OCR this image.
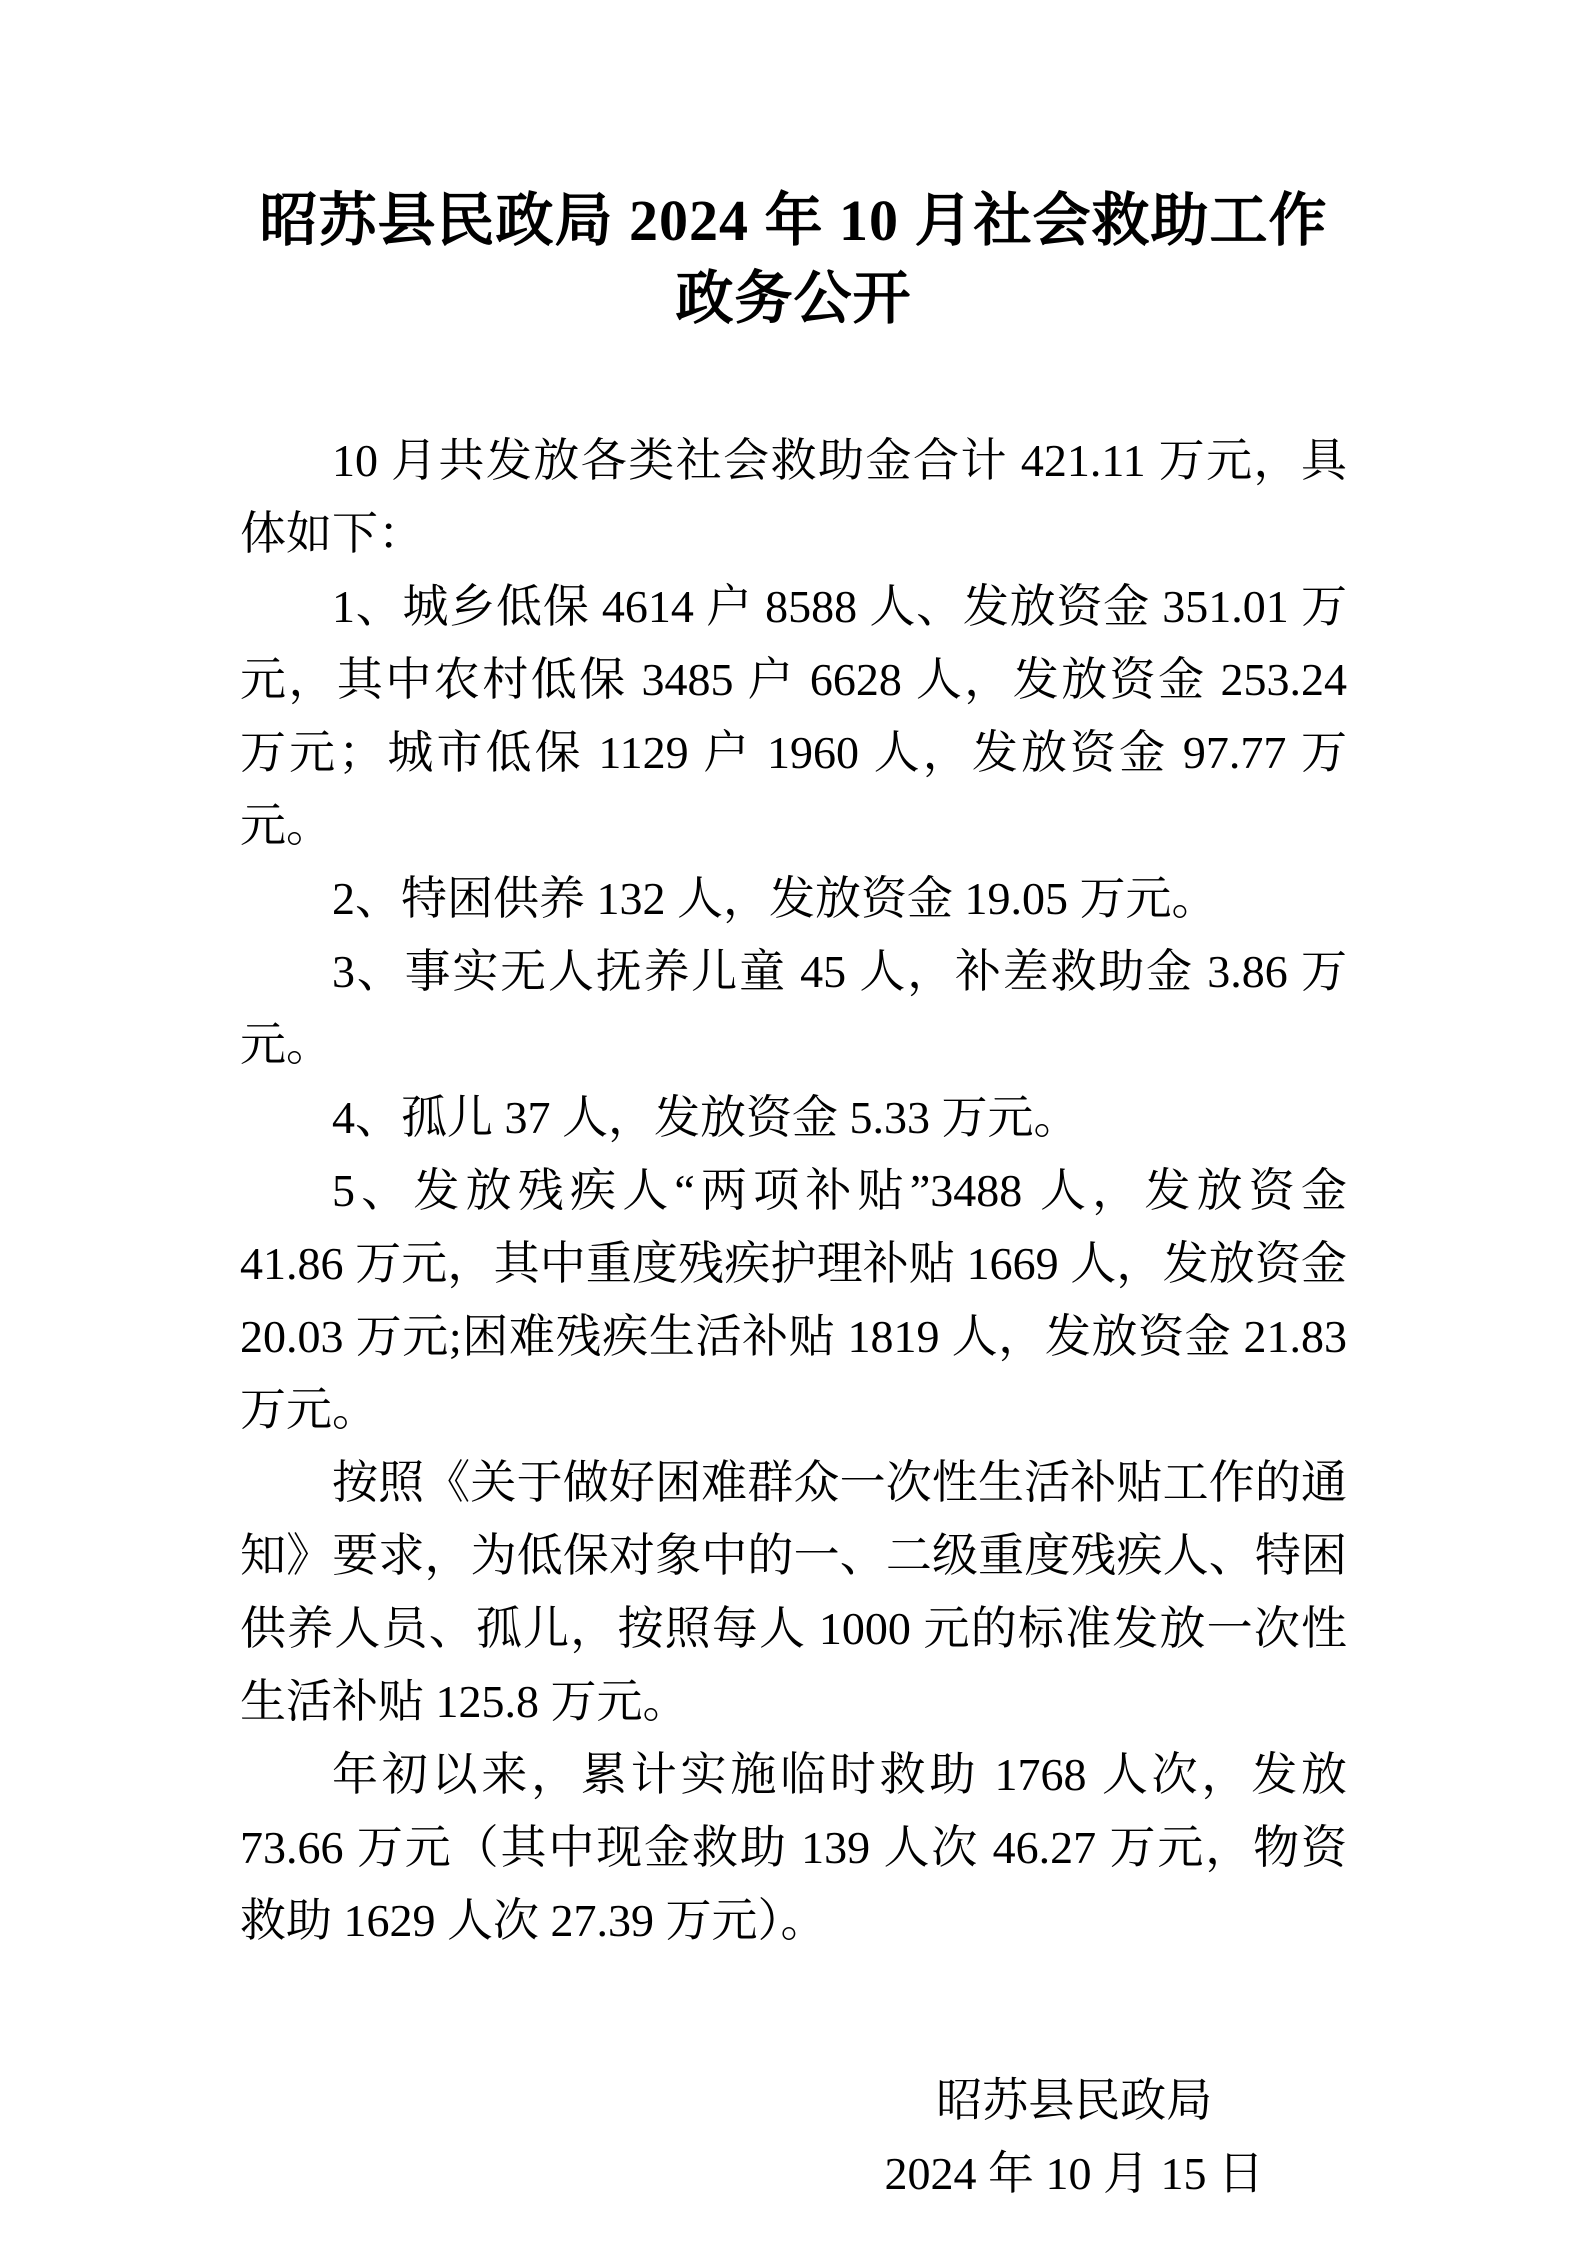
昭苏县民政局 2024 年 10 月社会救助工作
政务公开

10 月共发放各类社会救助金合计 421.11 万元，具体如下：

1、城乡低保 4614 户 8588 人、发放资金 351.01 万元，其中农村低保 3485 户 6628 人，发放资金 253.24 万元；城市低保 1129 户 1960 人，发放资金 97.77 万元。

2、特困供养 132 人，发放资金 19.05 万元。

3、事实无人抚养儿童 45 人，补差救助金 3.86 万元。

4、孤儿 37 人，发放资金 5.33 万元。

5、发放残疾人“两项补贴”3488 人，发放资金 41.86 万元，其中重度残疾护理补贴 1669 人，发放资金 20.03 万元;困难残疾生活补贴 1819 人，发放资金 21.83 万元。

按照《关于做好困难群众一次性生活补贴工作的通知》要求，为低保对象中的一、二级重度残疾人、特困供养人员、孤儿，按照每人 1000 元的标准发放一次性生活补贴 125.8 万元。

年初以来，累计实施临时救助 1768 人次，发放 73.66 万元（其中现金救助 139 人次 46.27 万元，物资救助 1629 人次 27.39 万元）。

昭苏县民政局
2024 年 10 月 15 日
